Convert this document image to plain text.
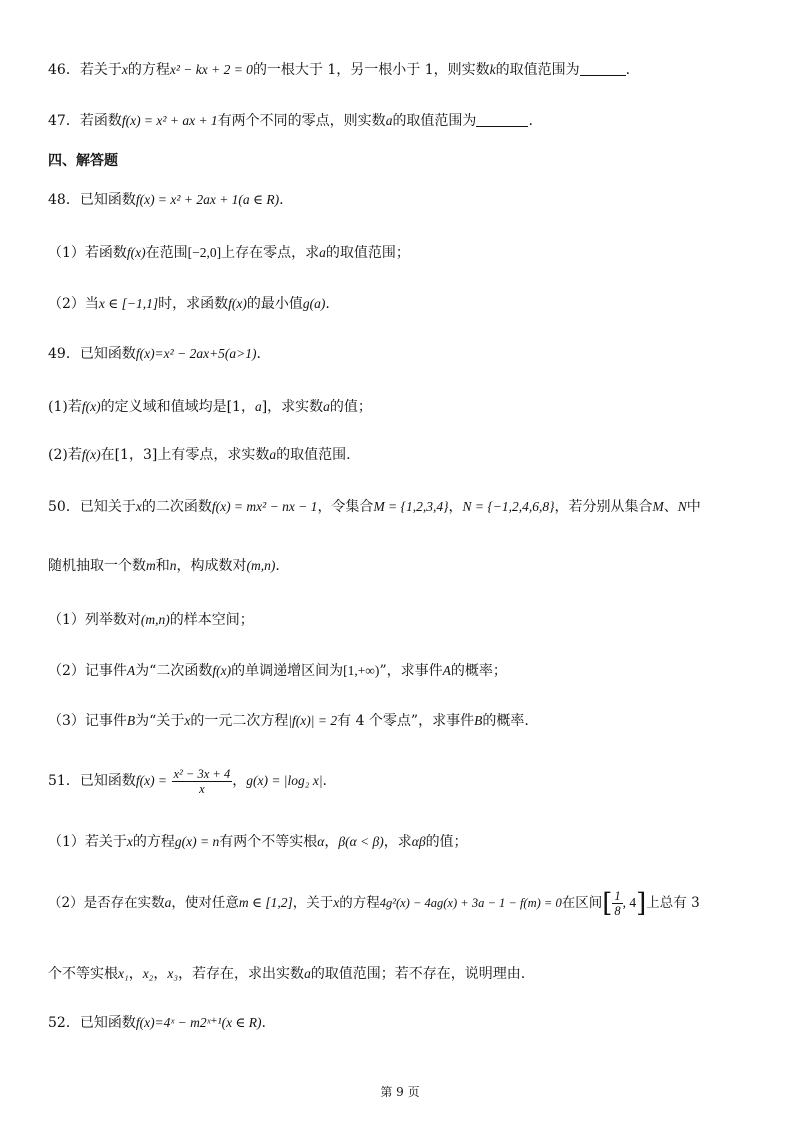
46．若关于x的方程x² − kx + 2 = 0的一根大于 1，另一根小于 1，则实数k的取值范围为	.
47．若函数f(x) = x² + ax + 1有两个不同的零点，则实数a的取值范围为	.
四、解答题
48．已知函数f(x) = x² + 2ax + 1(a ∈ R).
（1）若函数f(x)在范围[−2,0]上存在零点，求a的取值范围；
（2）当x ∈ [−1,1]时，求函数f(x)的最小值g(a).
49．已知函数f(x)=x² − 2ax+5(a>1).
(1)若f(x)的定义域和值域均是[1，a]，求实数a的值；
(2)若f(x)在[1，3]上有零点，求实数a的取值范围.
50．已知关于x的二次函数f(x) = mx² − nx − 1，令集合M = {1,2,3,4}，N = {−1,2,4,6,8}，若分别从集合M、N中
随机抽取一个数m和n，构成数对(m,n).
（1）列举数对(m,n)的样本空间；
（2）记事件A为“二次函数f(x)的单调递增区间为[1,+∞)”，求事件A的概率；
（3）记事件B为“关于x的一元二次方程|f(x)| = 2有 4 个零点”，求事件B的概率.
51．已知函数$f(x) = \frac{\text{x² − 3x + 4}}{x}$ ，g(x) = |log₂ x|.
（1）若关于x的方程g(x) = n有两个不等实根α，β(α < β)，求αβ的值；
（2）是否存在实数a，使对任意m ∈ [1,2]，关于x的方程4g²(x) − 4ag(x) + 3a − 1 − f(m) = 0在区间[ $\frac{1}{8}$ , 4]上总有 3
个不等实根x₁，x₂，x₃，若存在，求出实数a的取值范围；若不存在，说明理由.
52．已知函数f(x)=4ˣ − m2ˣ⁺¹(x ∈ R).
第 9 页
